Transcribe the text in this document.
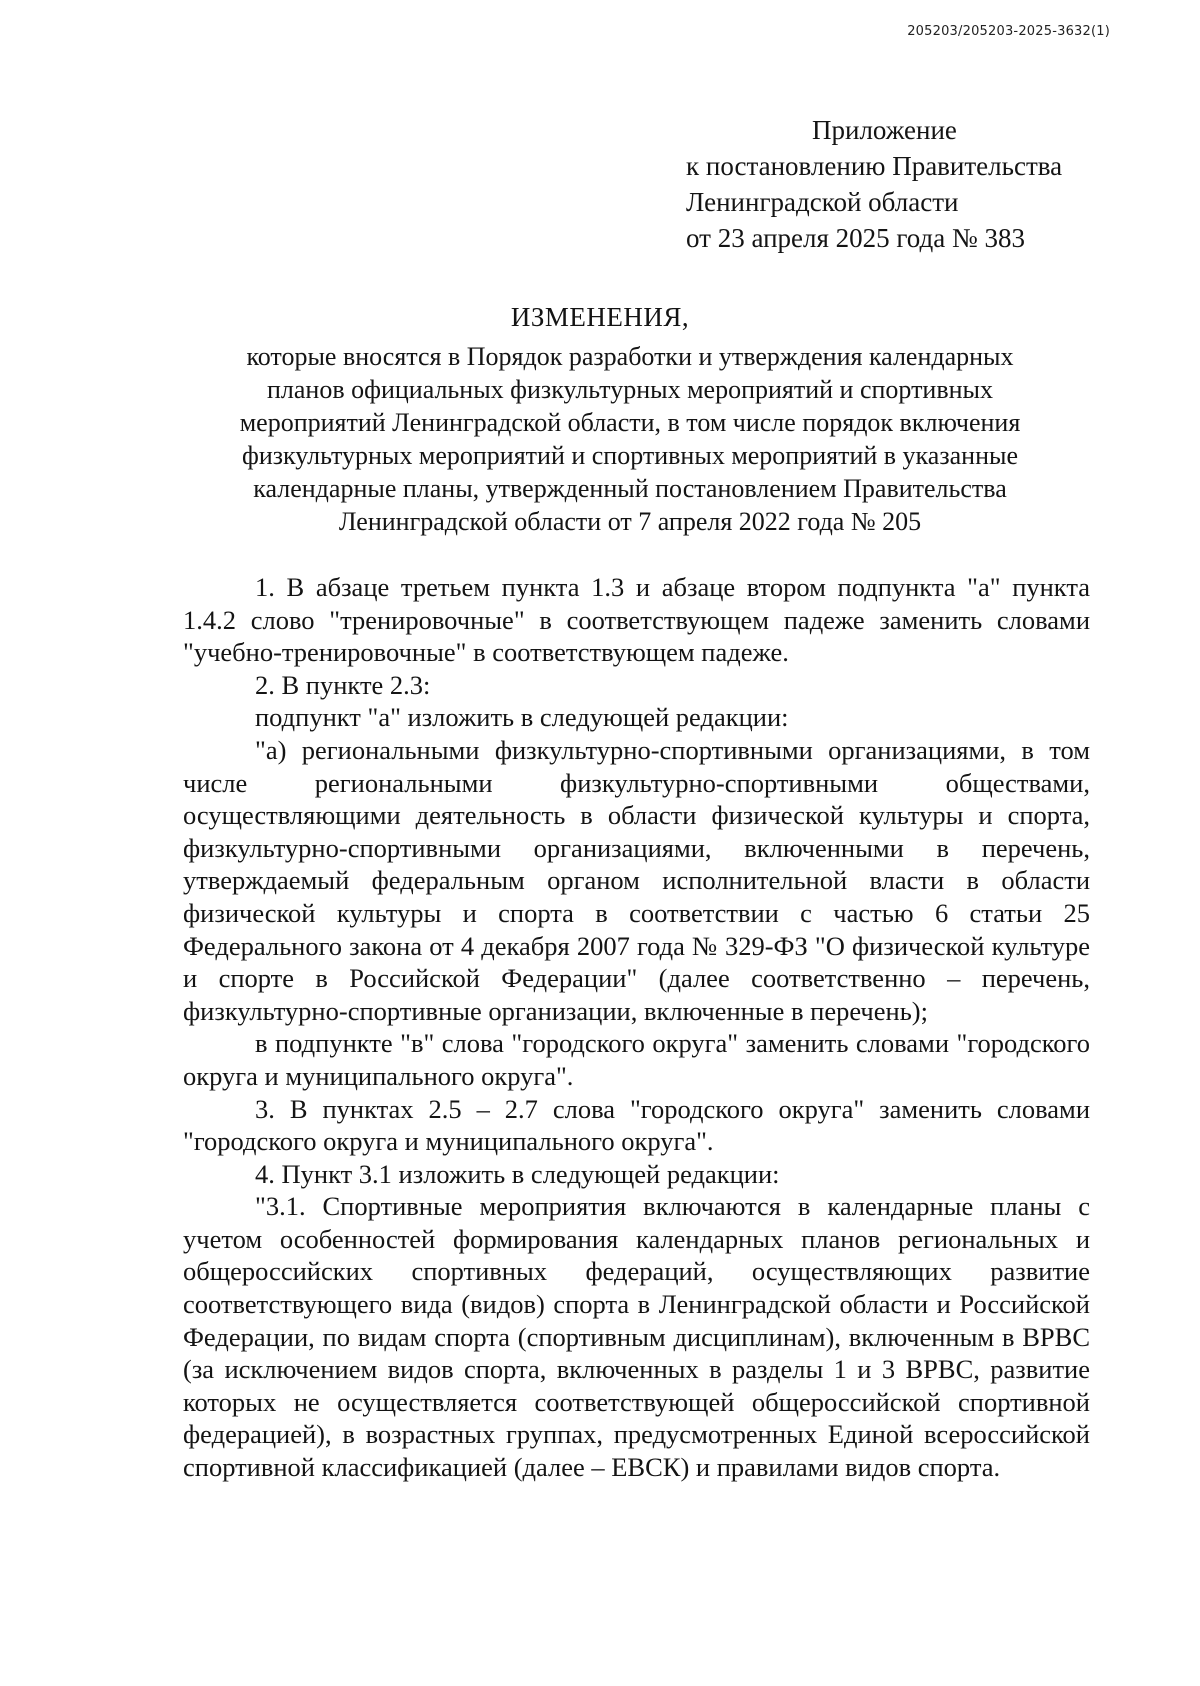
205203/205203-2025-3632(1)
Приложение
к постановлению Правительства
Ленинградской области
от 23 апреля 2025 года № 383
ИЗМЕНЕНИЯ,
которые вносятся в Порядок разработки и утверждения календарных
планов официальных физкультурных мероприятий и спортивных
мероприятий Ленинградской области, в том числе порядок включения
физкультурных мероприятий и спортивных мероприятий в указанные
календарные планы, утвержденный постановлением Правительства
Ленинградской области от 7 апреля 2022 года № 205

1. В абзаце третьем пункта 1.3 и абзаце втором подпункта "а" пункта 1.4.2 слово "тренировочные" в соответствующем падеже заменить словами "учебно-тренировочные" в соответствующем падеже.

2. В пункте 2.3:

подпункт "а" изложить в следующей редакции:

"а) региональными физкультурно-спортивными организациями, в том числе региональными физкультурно-спортивными обществами, осуществляющими деятельность в области физической культуры и спорта, физкультурно-спортивными организациями, включенными в перечень, утверждаемый федеральным органом исполнительной власти в области физической культуры и спорта в соответствии с частью 6 статьи 25 Федерального закона от 4 декабря 2007 года № 329-ФЗ "О физической культуре и спорте в Российской Федерации" (далее соответственно – перечень, физкультурно-спортивные организации, включенные в перечень);

в подпункте "в" слова "городского округа" заменить словами "городского округа и муниципального округа".

3. В пунктах 2.5 – 2.7 слова "городского округа" заменить словами "городского округа и муниципального округа".

4. Пункт 3.1 изложить в следующей редакции:

"3.1. Спортивные мероприятия включаются в календарные планы с учетом особенностей формирования календарных планов региональных и общероссийских спортивных федераций, осуществляющих развитие соответствующего вида (видов) спорта в Ленинградской области и Российской Федерации, по видам спорта (спортивным дисциплинам), включенным в ВРВС (за исключением видов спорта, включенных в разделы 1 и 3 ВРВС, развитие которых не осуществляется соответствующей общероссийской спортивной федерацией), в возрастных группах, предусмотренных Единой всероссийской спортивной классификацией (далее – ЕВСК) и правилами видов спорта.
